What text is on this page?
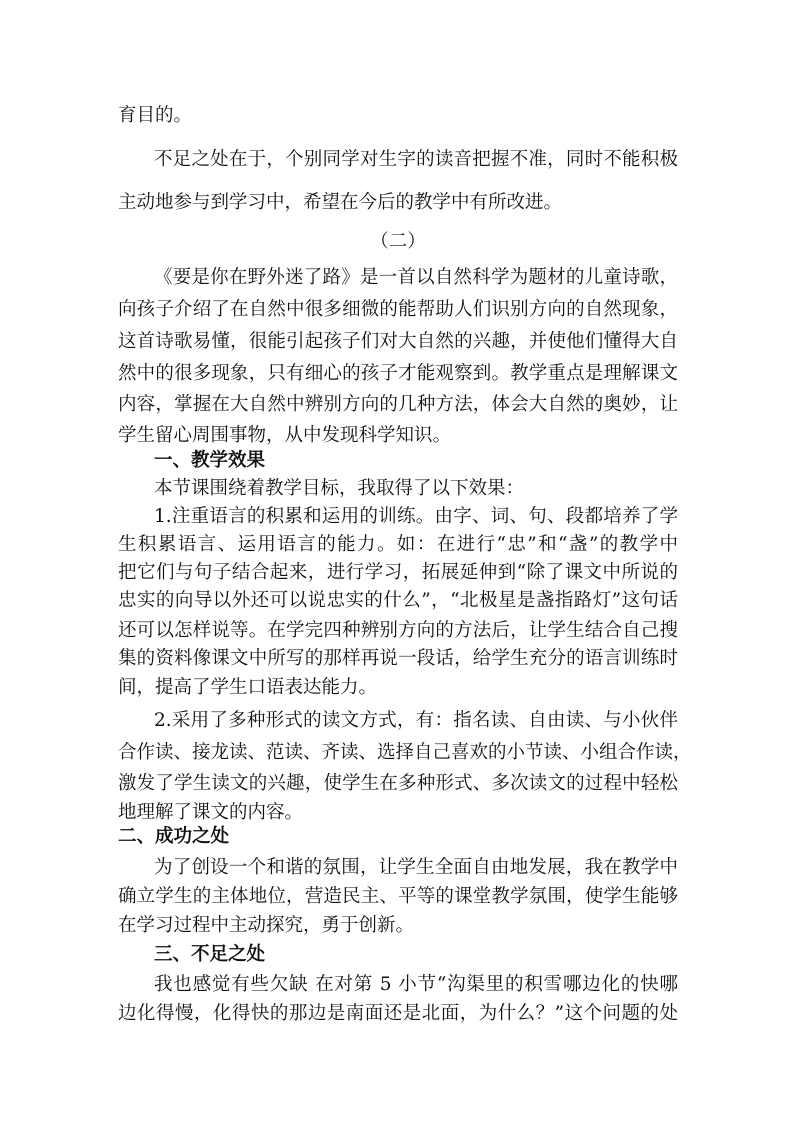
育目的。
不足之处在于，个别同学对生字的读音把握不准，同时不能积极
主动地参与到学习中，希望在今后的教学中有所改进。
（二）
《要是你在野外迷了路》是一首以自然科学为题材的儿童诗歌，
向孩子介绍了在自然中很多细微的能帮助人们识别方向的自然现象，
这首诗歌易懂，很能引起孩子们对大自然的兴趣，并使他们懂得大自
然中的很多现象，只有细心的孩子才能观察到。教学重点是理解课文
内容，掌握在大自然中辨别方向的几种方法，体会大自然的奥妙，让
学生留心周围事物，从中发现科学知识。
一、教学效果
本节课围绕着教学目标，我取得了以下效果：
1.注重语言的积累和运用的训练。由字、词、句、段都培养了学
生积累语言、运用语言的能力。如：在进行“忠”和“盏”的教学中
把它们与句子结合起来，进行学习，拓展延伸到“除了课文中所说的
忠实的向导以外还可以说忠实的什么”，“北极星是盏指路灯”这句话
还可以怎样说等。在学完四种辨别方向的方法后，让学生结合自己搜
集的资料像课文中所写的那样再说一段话，给学生充分的语言训练时
间，提高了学生口语表达能力。
2.采用了多种形式的读文方式，有：指名读、自由读、与小伙伴
合作读、接龙读、范读、齐读、选择自己喜欢的小节读、小组合作读，
激发了学生读文的兴趣，使学生在多种形式、多次读文的过程中轻松
地理解了课文的内容。
二、成功之处
为了创设一个和谐的氛围，让学生全面自由地发展，我在教学中
确立学生的主体地位，营造民主、平等的课堂教学氛围，使学生能够
在学习过程中主动探究，勇于创新。
三、不足之处
我也感觉有些欠缺 在对第 5 小节“沟渠里的积雪哪边化的快哪
边化得慢，化得快的那边是南面还是北面，为什么？”这个问题的处
